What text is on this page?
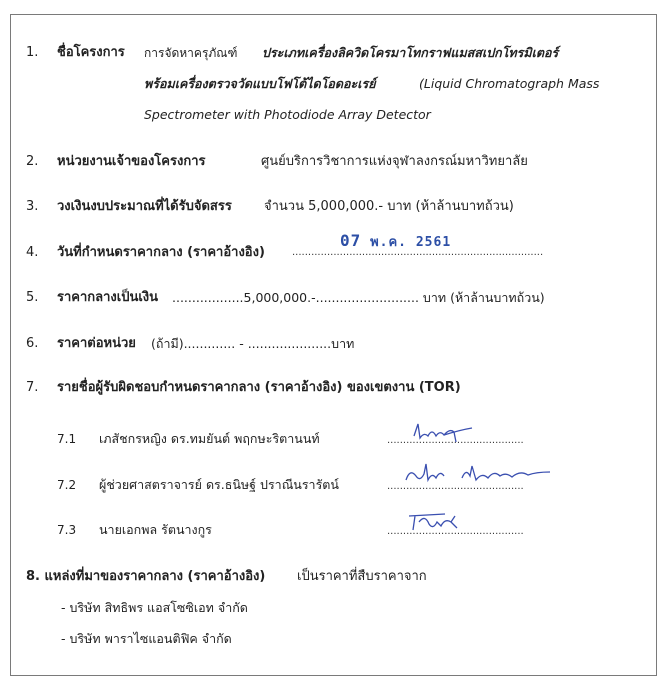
1. ชื่อโครงการ การจัดหาครุภัณฑ์ ประเภทเครื่องลิควิดโครมาโทกราฟแมสสเปกโทรมิเตอร์
พร้อมเครื่องตรวจวัดแบบโฟโต้ไดโอดอะเรย์	(Liquid Chromatograph Mass
Spectrometer with Photodiode Array Detector
2. หน่วยงานเจ้าของโครงการ	ศูนย์บริการวิชาการแห่งจุฬาลงกรณ์มหาวิทยาลัย
3. วงเงินงบประมาณที่ได้รับจัดสรร จำนวน 5,000,000.- บาท (ห้าล้านบาทถ้วน)
4. วันที่กำหนดราคากลาง (ราคาอ้างอิง)	...............................................................................
07 พ.ค. 2561
5. ราคากลางเป็นเงิน ..................5,000,000.-.......................... บาท (ห้าล้านบาทถ้วน)
6. ราคาต่อหน่วย (ถ้ามี)............. - .....................บาท
7. รายชื่อผู้รับผิดชอบกำหนดราคากลาง (ราคาอ้างอิง) ของเขตงาน (TOR)
7.1 เภสัชกรหญิง ดร.ทมยันต์ พฤกษะริตานนท์	...........................................
7.2 ผู้ช่วยศาสตราจารย์ ดร.ธนิษฐ์ ปราณีนรารัตน์	...........................................
7.3 นายเอกพล รัตนางกูร	...........................................
8. แหล่งที่มาของราคากลาง (ราคาอ้างอิง) เป็นราคาที่สืบราคาจาก
- บริษัท สิทธิพร แอสโซซิเอท จำกัด
- บริษัท พาราไซแอนติฟิค จำกัด
